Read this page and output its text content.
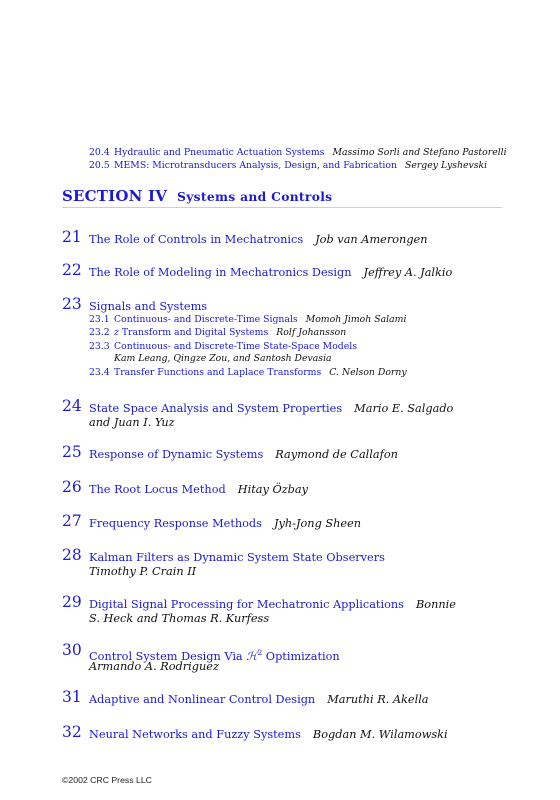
20.4 Hydraulic and Pneumatic Actuation Systems Massimo Sorli and Stefano Pastorelli
20.5 MEMS: Microtransducers Analysis, Design, and Fabrication Sergey Lyshevski
SECTION IV Systems and Controls
21 The Role of Controls in Mechatronics Job van Amerongen
22 The Role of Modeling in Mechatronics Design Jeffrey A. Jalkio
23 Signals and Systems
23.1 Continuous- and Discrete-Time Signals Momoh Jimoh Salami
23.2 z Transform and Digital Systems Rolf Johansson
23.3 Continuous- and Discrete-Time State-Space Models
Kam Leang, Qingze Zou, and Santosh Devasia
23.4 Transfer Functions and Laplace Transforms C. Nelson Dorny
24 State Space Analysis and System Properties Mario E. Salgado
and Juan I. Yuz
25 Response of Dynamic Systems Raymond de Callafon
26 The Root Locus Method Hitay Özbay
27 Frequency Response Methods Jyh-Jong Sheen
28 Kalman Filters as Dynamic System State Observers
Timothy P. Crain II
29 Digital Signal Processing for Mechatronic Applications Bonnie
S. Heck and Thomas R. Kurfess
30 Control System Design Via ℋ$^2$ Optimization
Armando A. Rodriguez
31 Adaptive and Nonlinear Control Design Maruthi R. Akella
32 Neural Networks and Fuzzy Systems Bogdan M. Wilamowski
©2002 CRC Press LLC
